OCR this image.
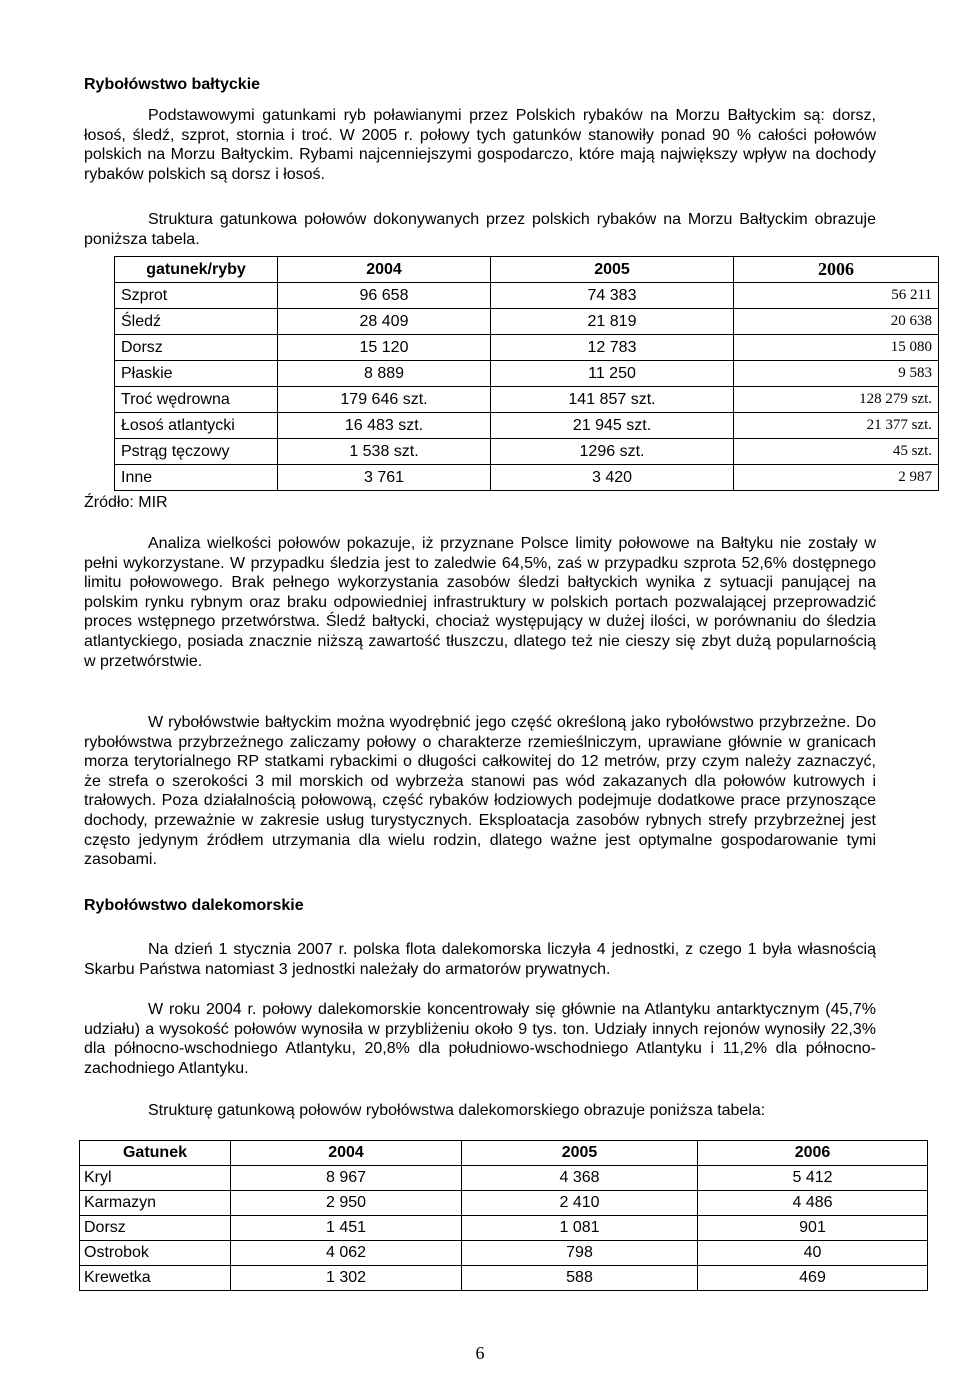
Rybołówstwo bałtyckie
Podstawowymi gatunkami ryb poławianymi przez Polskich rybaków na Morzu Bałtyckim są: dorsz, łosoś, śledź, szprot, stornia i troć. W 2005 r. połowy tych gatunków stanowiły ponad 90 % całości połowów polskich na Morzu Bałtyckim. Rybami najcenniejszymi gospodarczo, które mają największy wpływ na dochody rybaków polskich są dorsz i łosoś.
Struktura gatunkowa połowów dokonywanych przez polskich rybaków na Morzu Bałtyckim obrazuje poniższa tabela.
gatunek/ryby	2004	2005	2006
Szprot	96 658	74 383	56 211
Śledź	28 409	21 819	20 638
Dorsz	15 120	12 783	15 080
Płaskie	8 889	11 250	9 583
Troć wędrowna	179 646 szt.	141 857 szt.	128 279 szt.
Łosoś atlantycki	16 483 szt.	21 945 szt.	21 377 szt.
Pstrąg tęczowy	1 538 szt.	1296 szt.	45 szt.
Inne	3 761	3 420	2 987
Źródło: MIR
Analiza wielkości połowów pokazuje, iż przyznane Polsce limity połowowe na Bałtyku nie zostały w pełni wykorzystane. W przypadku śledzia jest to zaledwie 64,5%, zaś w przypadku szprota 52,6% dostępnego limitu połowowego. Brak pełnego wykorzystania zasobów śledzi bałtyckich wynika z sytuacji panującej na polskim rynku rybnym oraz braku odpowiedniej infrastruktury w polskich portach pozwalającej przeprowadzić proces wstępnego przetwórstwa. Śledź bałtycki, chociaż występujący w dużej ilości, w porównaniu do śledzia atlantyckiego, posiada znacznie niższą zawartość tłuszczu, dlatego też nie cieszy się zbyt dużą popularnością w przetwórstwie.
W rybołówstwie bałtyckim można wyodrębnić jego część określoną jako rybołówstwo przybrzeżne. Do rybołówstwa przybrzeżnego zaliczamy połowy o charakterze rzemieślniczym, uprawiane głównie w granicach morza terytorialnego RP statkami rybackimi o długości całkowitej do 12 metrów, przy czym należy zaznaczyć, że strefa o szerokości 3 mil morskich od wybrzeża stanowi pas wód zakazanych dla połowów kutrowych i trałowych. Poza działalnością połowową, część rybaków łodziowych podejmuje dodatkowe prace przynoszące dochody, przeważnie w zakresie usług turystycznych. Eksploatacja zasobów rybnych strefy przybrzeżnej jest często jedynym źródłem utrzymania dla wielu rodzin, dlatego ważne jest optymalne gospodarowanie tymi zasobami.
Rybołówstwo dalekomorskie
Na dzień 1 stycznia 2007 r. polska flota dalekomorska liczyła 4 jednostki, z czego 1 była własnością Skarbu Państwa natomiast 3 jednostki należały do armatorów prywatnych.
W roku 2004 r. połowy dalekomorskie koncentrowały się głównie na Atlantyku antarktycznym (45,7% udziału) a wysokość połowów wynosiła w przybliżeniu około 9 tys. ton. Udziały innych rejonów wynosiły 22,3% dla północno-wschodniego Atlantyku, 20,8% dla południowo-wschodniego Atlantyku i 11,2% dla północno-zachodniego Atlantyku.
Strukturę gatunkową połowów rybołówstwa dalekomorskiego obrazuje poniższa tabela:
Gatunek	2004	2005	2006
Kryl	8 967	4 368	5 412
Karmazyn	2 950	2 410	4 486
Dorsz	1 451	1 081	901
Ostrobok	4 062	798	40
Krewetka	1 302	588	469
6
